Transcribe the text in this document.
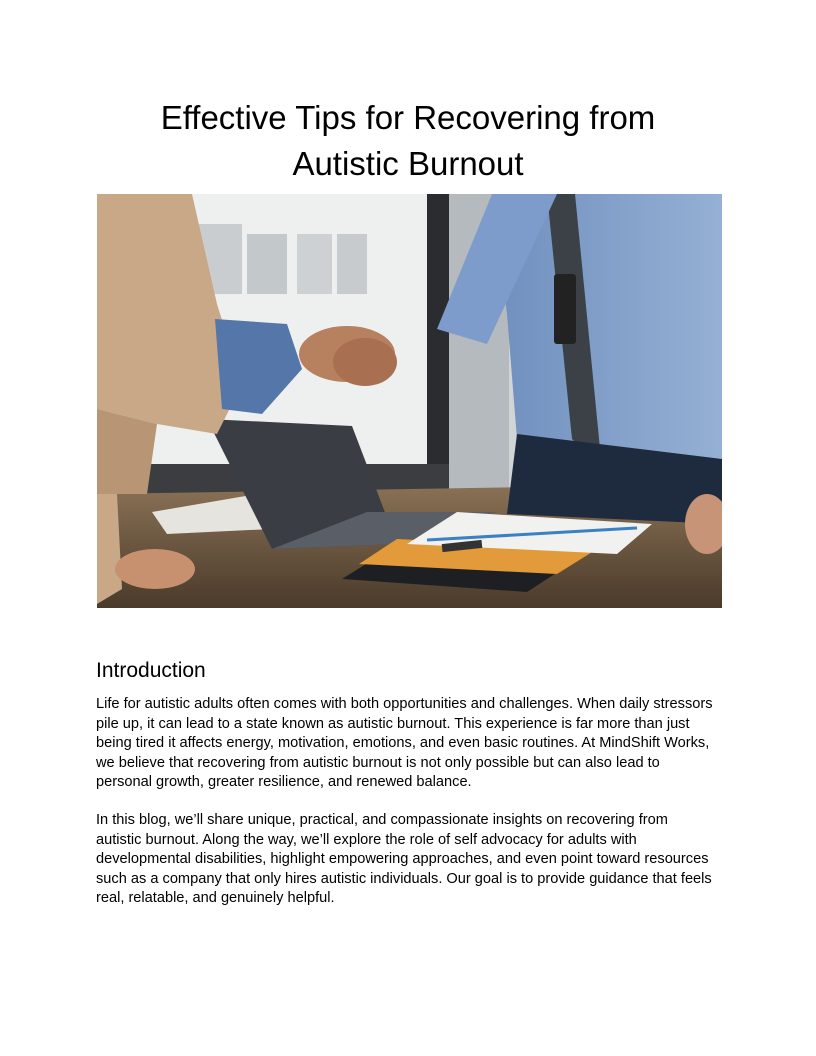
Effective Tips for Recovering from
Autistic Burnout
Introduction

Life for autistic adults often comes with both opportunities and challenges. When daily stressors
pile up, it can lead to a state known as autistic burnout. This experience is far more than just
being tired it affects energy, motivation, emotions, and even basic routines. At MindShift Works,
we believe that recovering from autistic burnout is not only possible but can also lead to
personal growth, greater resilience, and renewed balance.

In this blog, we’ll share unique, practical, and compassionate insights on recovering from
autistic burnout. Along the way, we’ll explore the role of self advocacy for adults with
developmental disabilities, highlight empowering approaches, and even point toward resources
such as a company that only hires autistic individuals. Our goal is to provide guidance that feels
real, relatable, and genuinely helpful.
